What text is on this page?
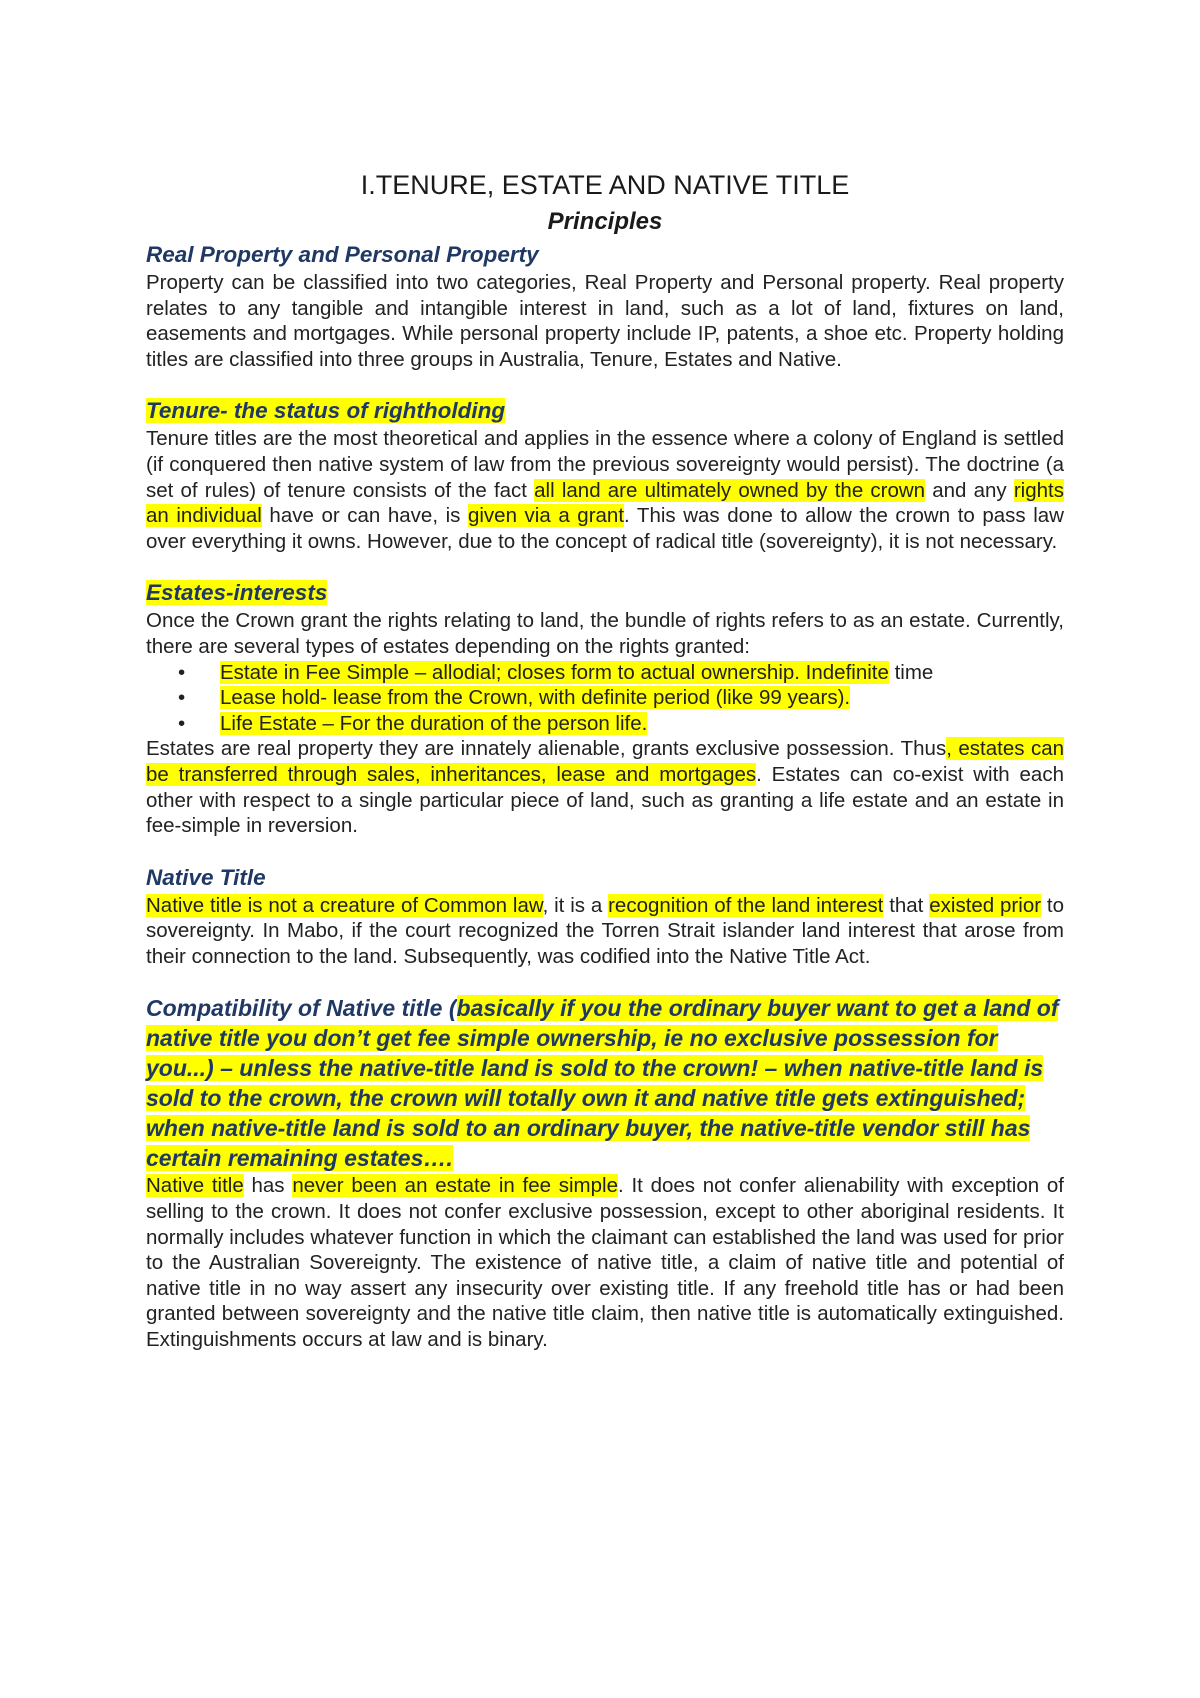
I.TENURE, ESTATE AND NATIVE TITLE
Principles
Real Property and Personal Property

Property can be classified into two categories, Real Property and Personal property. Real property relates to any tangible and intangible interest in land, such as a lot of land, fixtures on land, easements and mortgages. While personal property include IP, patents, a shoe etc. Property holding titles are classified into three groups in Australia, Tenure, Estates and Native.

Tenure- the status of rightholding

Tenure titles are the most theoretical and applies in the essence where a colony of England is settled (if conquered then native system of law from the previous sovereignty would persist). The doctrine (a set of rules) of tenure consists of the fact all land are ultimately owned by the crown and any rights an individual have or can have, is given via a grant. This was done to allow the crown to pass law over everything it owns. However, due to the concept of radical title (sovereignty), it is not necessary.

Estates-interests

Once the Crown grant the rights relating to land, the bundle of rights refers to as an estate. Currently, there are several types of estates depending on the rights granted:

• Estate in Fee Simple – allodial; closes form to actual ownership. Indefinite time
• Lease hold- lease from the Crown, with definite period (like 99 years).
• Life Estate – For the duration of the person life.

Estates are real property they are innately alienable, grants exclusive possession. Thus, estates can be transferred through sales, inheritances, lease and mortgages. Estates can co-exist with each other with respect to a single particular piece of land, such as granting a life estate and an estate in fee-simple in reversion.

Native Title

Native title is not a creature of Common law, it is a recognition of the land interest that existed prior to sovereignty. In Mabo, if the court recognized the Torren Strait islander land interest that arose from their connection to the land. Subsequently, was codified into the Native Title Act.

Compatibility of Native title (basically if you the ordinary buyer want to get a land of native title you don’t get fee simple ownership, ie no exclusive possession for you...) – unless the native-title land is sold to the crown! – when native-title land is sold to the crown, the crown will totally own it and native title gets extinguished; when native-title land is sold to an ordinary buyer, the native-title vendor still has certain remaining estates….

Native title has never been an estate in fee simple. It does not confer alienability with exception of selling to the crown. It does not confer exclusive possession, except to other aboriginal residents. It normally includes whatever function in which the claimant can established the land was used for prior to the Australian Sovereignty. The existence of native title, a claim of native title and potential of native title in no way assert any insecurity over existing title. If any freehold title has or had been granted between sovereignty and the native title claim, then native title is automatically extinguished. Extinguishments occurs at law and is binary.
